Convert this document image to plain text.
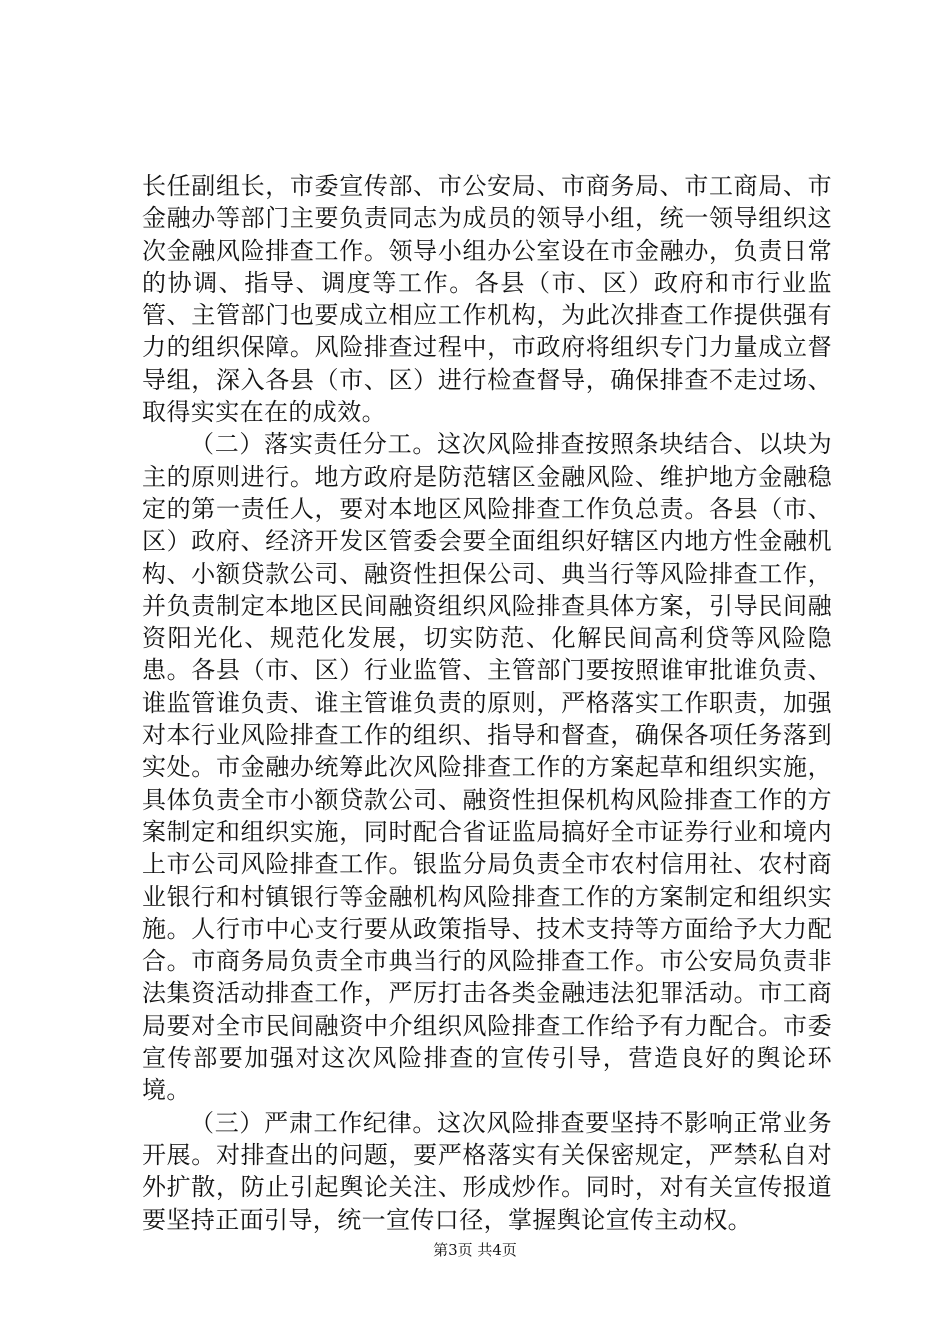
长任副组长，市委宣传部、市公安局、市商务局、市工商局、市金融办等部门主要负责同志为成员的领导小组，统一领导组织这次金融风险排查工作。领导小组办公室设在市金融办，负责日常的协调、指导、调度等工作。各县（市、区）政府和市行业监管、主管部门也要成立相应工作机构，为此次排查工作提供强有力的组织保障。风险排查过程中，市政府将组织专门力量成立督导组，深入各县（市、区）进行检查督导，确保排查不走过场、取得实实在在的成效。

（二）落实责任分工。这次风险排查按照条块结合、以块为主的原则进行。地方政府是防范辖区金融风险、维护地方金融稳定的第一责任人，要对本地区风险排查工作负总责。各县（市、区）政府、经济开发区管委会要全面组织好辖区内地方性金融机构、小额贷款公司、融资性担保公司、典当行等风险排查工作，并负责制定本地区民间融资组织风险排查具体方案，引导民间融资阳光化、规范化发展，切实防范、化解民间高利贷等风险隐患。各县（市、区）行业监管、主管部门要按照谁审批谁负责、谁监管谁负责、谁主管谁负责的原则，严格落实工作职责，加强对本行业风险排查工作的组织、指导和督查，确保各项任务落到实处。市金融办统筹此次风险排查工作的方案起草和组织实施，具体负责全市小额贷款公司、融资性担保机构风险排查工作的方案制定和组织实施，同时配合省证监局搞好全市证券行业和境内上市公司风险排查工作。银监分局负责全市农村信用社、农村商业银行和村镇银行等金融机构风险排查工作的方案制定和组织实施。人行市中心支行要从政策指导、技术支持等方面给予大力配合。市商务局负责全市典当行的风险排查工作。市公安局负责非法集资活动排查工作，严厉打击各类金融违法犯罪活动。市工商局要对全市民间融资中介组织风险排查工作给予有力配合。市委宣传部要加强对这次风险排查的宣传引导，营造良好的舆论环境。

（三）严肃工作纪律。这次风险排查要坚持不影响正常业务开展。对排查出的问题，要严格落实有关保密规定，严禁私自对外扩散，防止引起舆论关注、形成炒作。同时，对有关宣传报道要坚持正面引导，统一宣传口径，掌握舆论宣传主动权。

第3页 共4页
